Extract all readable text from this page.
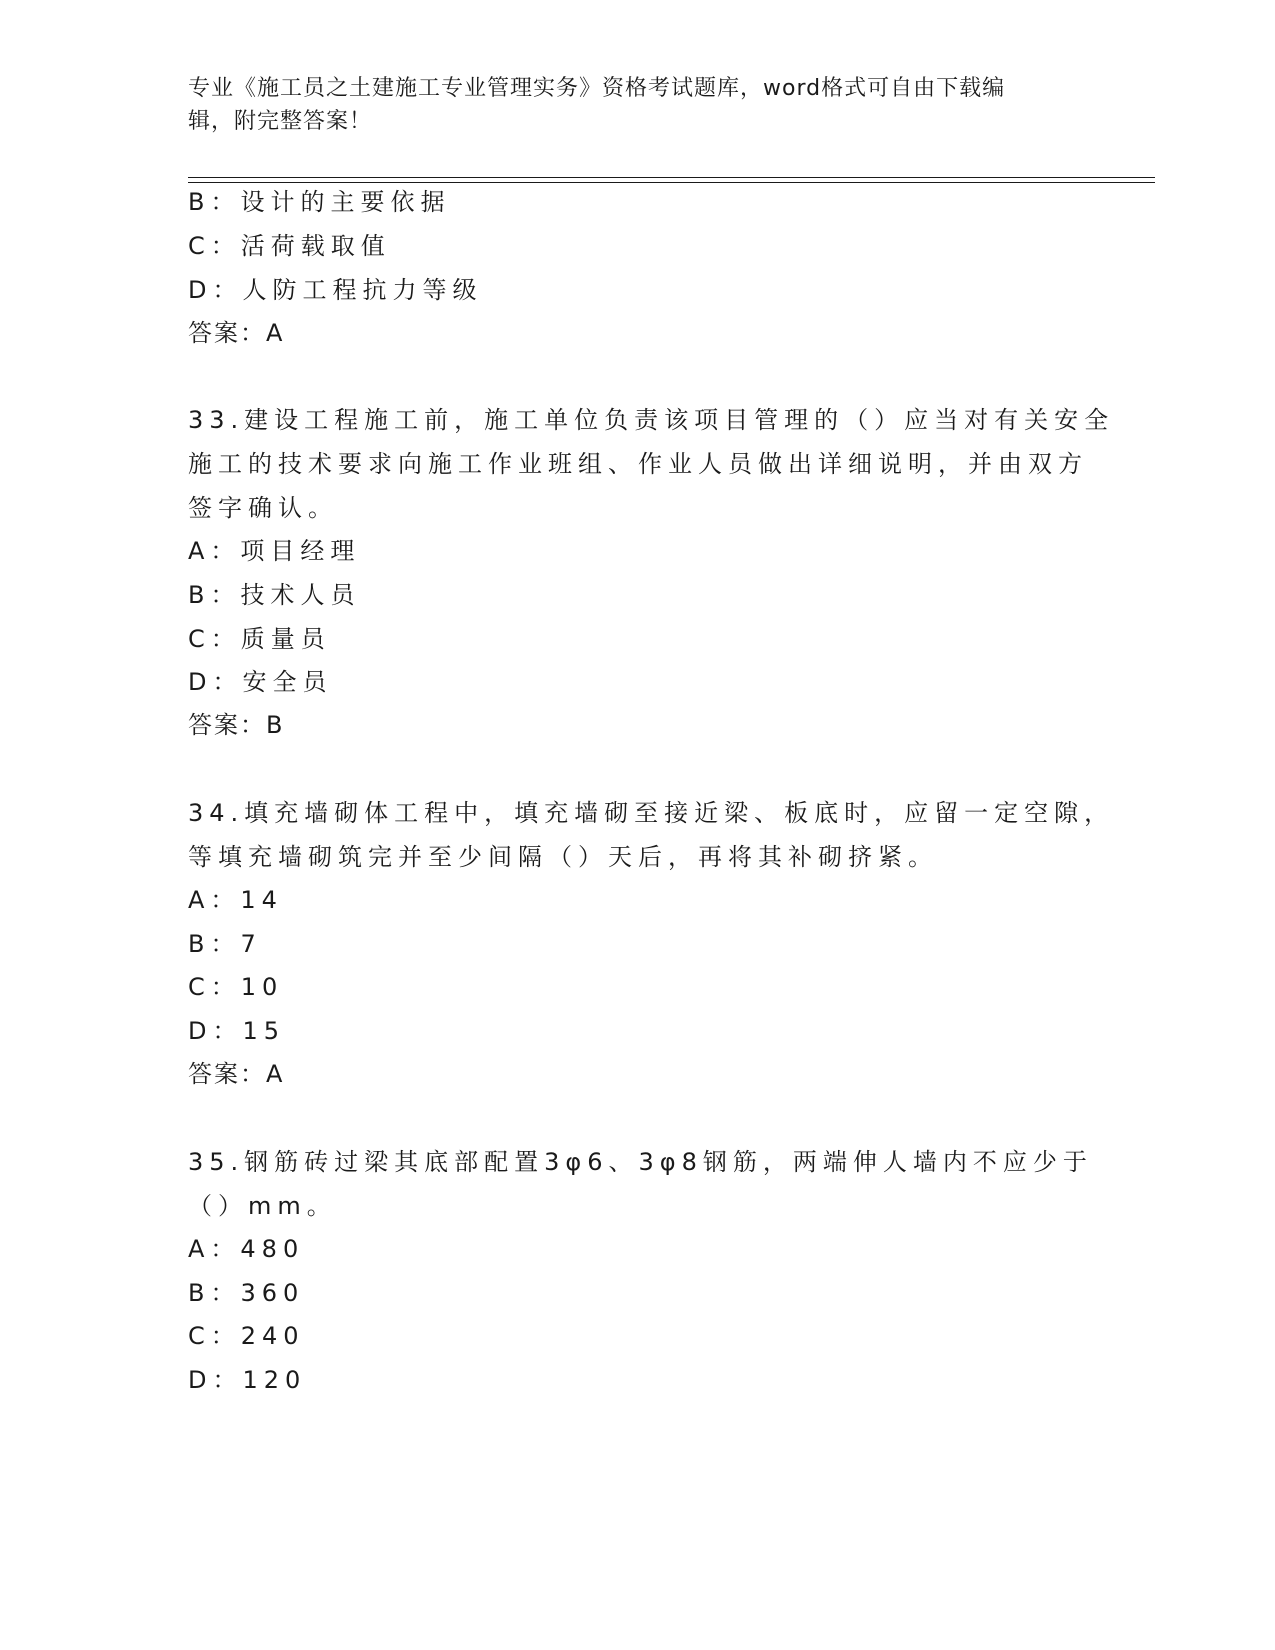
专业《施工员之土建施工专业管理实务》资格考试题库，word格式可自由下载编
辑，附完整答案！
B：设计的主要依据
C：活荷载取值
D：人防工程抗力等级
答案：A
33.建设工程施工前，施工单位负责该项目管理的（）应当对有关安全
施工的技术要求向施工作业班组、作业人员做出详细说明，并由双方
签字确认。
A：项目经理
B：技术人员
C：质量员
D：安全员
答案：B
34.填充墙砌体工程中，填充墙砌至接近梁、板底时，应留一定空隙，
等填充墙砌筑完并至少间隔（）天后，再将其补砌挤紧。
A：14
B：7
C：10
D：15
答案：A
35.钢筋砖过梁其底部配置3φ6、3φ8钢筋，两端伸人墙内不应少于
（）mm。
A：480
B：360
C：240
D：120
